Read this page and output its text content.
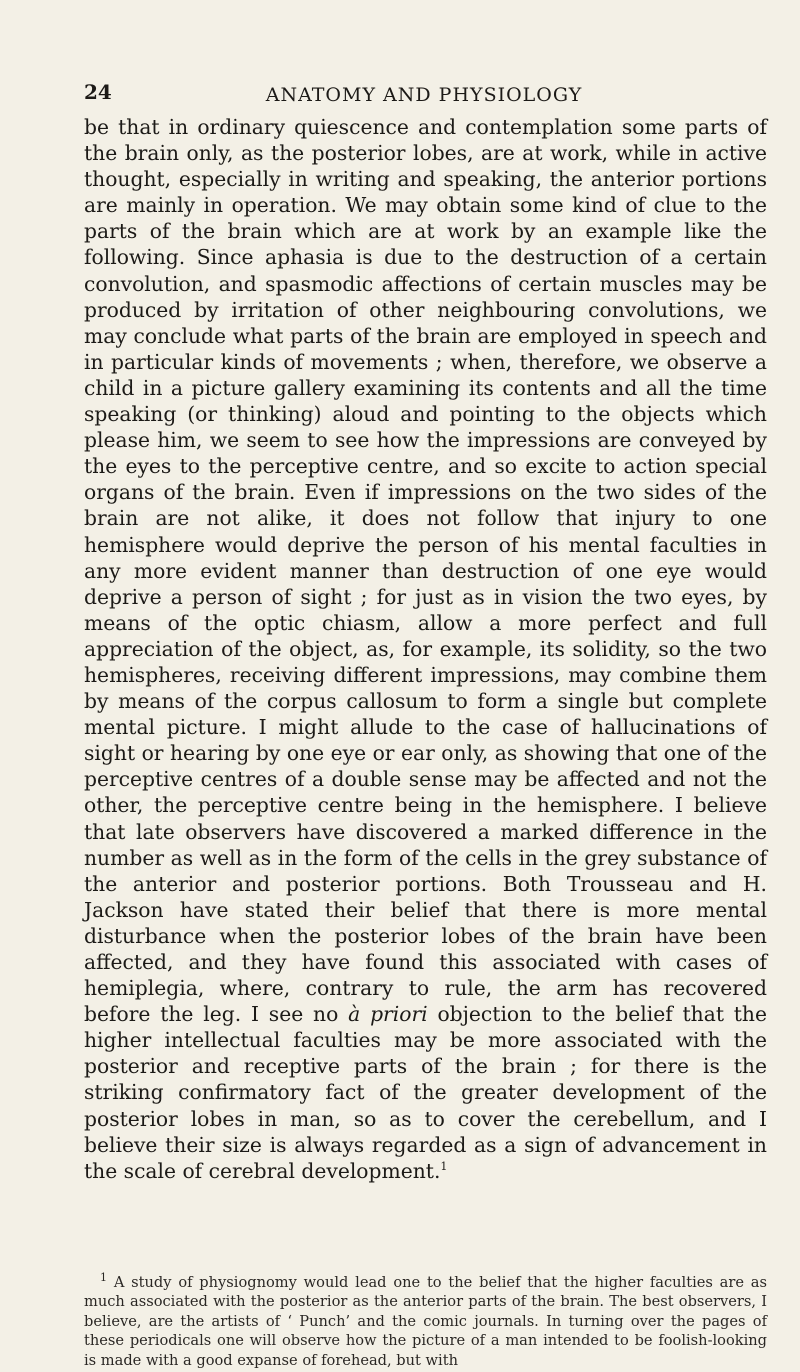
24	ANATOMY AND PHYSIOLOGY

be that in ordinary quiescence and contemplation some parts of the brain only, as the posterior lobes, are at work, while in active thought, especially in writing and speaking, the anterior portions are mainly in operation. We may obtain some kind of clue to the parts of the brain which are at work by an example like the following. Since aphasia is due to the destruction of a certain convolution, and spasmodic affections of certain muscles may be produced by irritation of other neighbouring convolutions, we may conclude what parts of the brain are employed in speech and in particular kinds of movements ; when, therefore, we observe a child in a picture gallery examining its contents and all the time speaking (or thinking) aloud and pointing to the objects which please him, we seem to see how the impressions are conveyed by the eyes to the perceptive centre, and so excite to action special organs of the brain. Even if impressions on the two sides of the brain are not alike, it does not follow that injury to one hemisphere would deprive the person of his mental faculties in any more evident manner than destruction of one eye would deprive a person of sight ; for just as in vision the two eyes, by means of the optic chiasm, allow a more perfect and full appreciation of the object, as, for example, its solidity, so the two hemispheres, receiving different impressions, may combine them by means of the corpus callosum to form a single but complete mental picture. I might allude to the case of hallucinations of sight or hearing by one eye or ear only, as showing that one of the perceptive centres of a double sense may be affected and not the other, the perceptive centre being in the hemisphere. I believe that late observers have discovered a marked difference in the number as well as in the form of the cells in the grey substance of the anterior and posterior portions. Both Trousseau and H. Jackson have stated their belief that there is more mental disturbance when the posterior lobes of the brain have been affected, and they have found this associated with cases of hemiplegia, where, contrary to rule, the arm has recovered before the leg. I see no à priori objection to the belief that the higher intellectual faculties may be more associated with the posterior and receptive parts of the brain ; for there is the striking confirmatory fact of the greater development of the posterior lobes in man, so as to cover the cerebellum, and I believe their size is always regarded as a sign of advancement in the scale of cerebral development.$^1$

$^1$ A study of physiognomy would lead one to the belief that the higher faculties are as much associated with the posterior as the anterior parts of the brain. The best observers, I believe, are the artists of ‘ Punch’ and the comic journals. In turning over the pages of these periodicals one will observe how the picture of a man intended to be foolish-looking is made with a good expanse of forehead, but with
